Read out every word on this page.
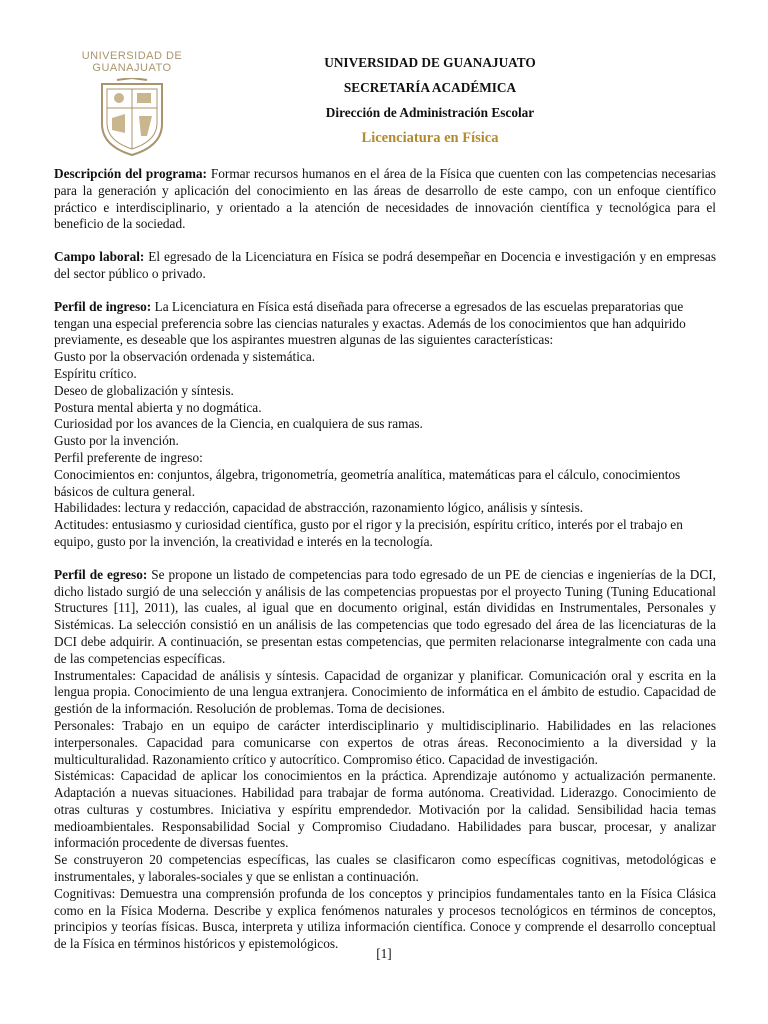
UNIVERSIDAD DE
GUANAJUATO	UNIVERSIDAD DE GUANAJUATO
SECRETARÍA ACADÉMICA
Dirección de Administración Escolar
Licenciatura en Física

Descripción del programa: Formar recursos humanos en el área de la Física que cuenten con las competencias necesarias para la generación y aplicación del conocimiento en las áreas de desarrollo de este campo, con un enfoque científico práctico e interdisciplinario, y orientado a la atención de necesidades de innovación científica y tecnológica para el beneficio de la sociedad.

Campo laboral: El egresado de la Licenciatura en Física se podrá desempeñar en Docencia e investigación y en empresas del sector público o privado.

Perfil de ingreso: La Licenciatura en Física está diseñada para ofrecerse a egresados de las escuelas preparatorias que tengan una especial preferencia sobre las ciencias naturales y exactas. Además de los conocimientos que han adquirido previamente, es deseable que los aspirantes muestren algunas de las siguientes características:

Gusto por la observación ordenada y sistemática.

Espíritu crítico.

Deseo de globalización y síntesis.

Postura mental abierta y no dogmática.

Curiosidad por los avances de la Ciencia, en cualquiera de sus ramas.

Gusto por la invención.

Perfil preferente de ingreso:

Conocimientos en: conjuntos, álgebra, trigonometría, geometría analítica, matemáticas para el cálculo, conocimientos básicos de cultura general.

Habilidades: lectura y redacción, capacidad de abstracción, razonamiento lógico, análisis y síntesis.

Actitudes: entusiasmo y curiosidad científica, gusto por el rigor y la precisión, espíritu crítico, interés por el trabajo en equipo, gusto por la invención, la creatividad e interés en la tecnología.

Perfil de egreso: Se propone un listado de competencias para todo egresado de un PE de ciencias e ingenierías de la DCI, dicho listado surgió de una selección y análisis de las competencias propuestas por el proyecto Tuning (Tuning Educational Structures [11], 2011), las cuales, al igual que en documento original, están divididas en Instrumentales, Personales y Sistémicas. La selección consistió en un análisis de las competencias que todo egresado del área de las licenciaturas de la DCI debe adquirir. A continuación, se presentan estas competencias, que permiten relacionarse integralmente con cada una de las competencias específicas.

Instrumentales: Capacidad de análisis y síntesis. Capacidad de organizar y planificar. Comunicación oral y escrita en la lengua propia. Conocimiento de una lengua extranjera. Conocimiento de informática en el ámbito de estudio. Capacidad de gestión de la información. Resolución de problemas. Toma de decisiones.

Personales: Trabajo en un equipo de carácter interdisciplinario y multidisciplinario. Habilidades en las relaciones interpersonales. Capacidad para comunicarse con expertos de otras áreas. Reconocimiento a la diversidad y la multiculturalidad. Razonamiento crítico y autocrítico. Compromiso ético. Capacidad de investigación.

Sistémicas: Capacidad de aplicar los conocimientos en la práctica. Aprendizaje autónomo y actualización permanente. Adaptación a nuevas situaciones. Habilidad para trabajar de forma autónoma. Creatividad. Liderazgo. Conocimiento de otras culturas y costumbres. Iniciativa y espíritu emprendedor. Motivación por la calidad. Sensibilidad hacia temas medioambientales. Responsabilidad Social y Compromiso Ciudadano. Habilidades para buscar, procesar, y analizar información procedente de diversas fuentes.

Se construyeron 20 competencias específicas, las cuales se clasificaron como específicas cognitivas, metodológicas e instrumentales, y laborales-sociales y que se enlistan a continuación.

Cognitivas: Demuestra una comprensión profunda de los conceptos y principios fundamentales tanto en la Física Clásica como en la Física Moderna. Describe y explica fenómenos naturales y procesos tecnológicos en términos de conceptos, principios y teorías físicas. Busca, interpreta y utiliza información científica. Conoce y comprende el desarrollo conceptual de la Física en términos históricos y epistemológicos.

[1]
